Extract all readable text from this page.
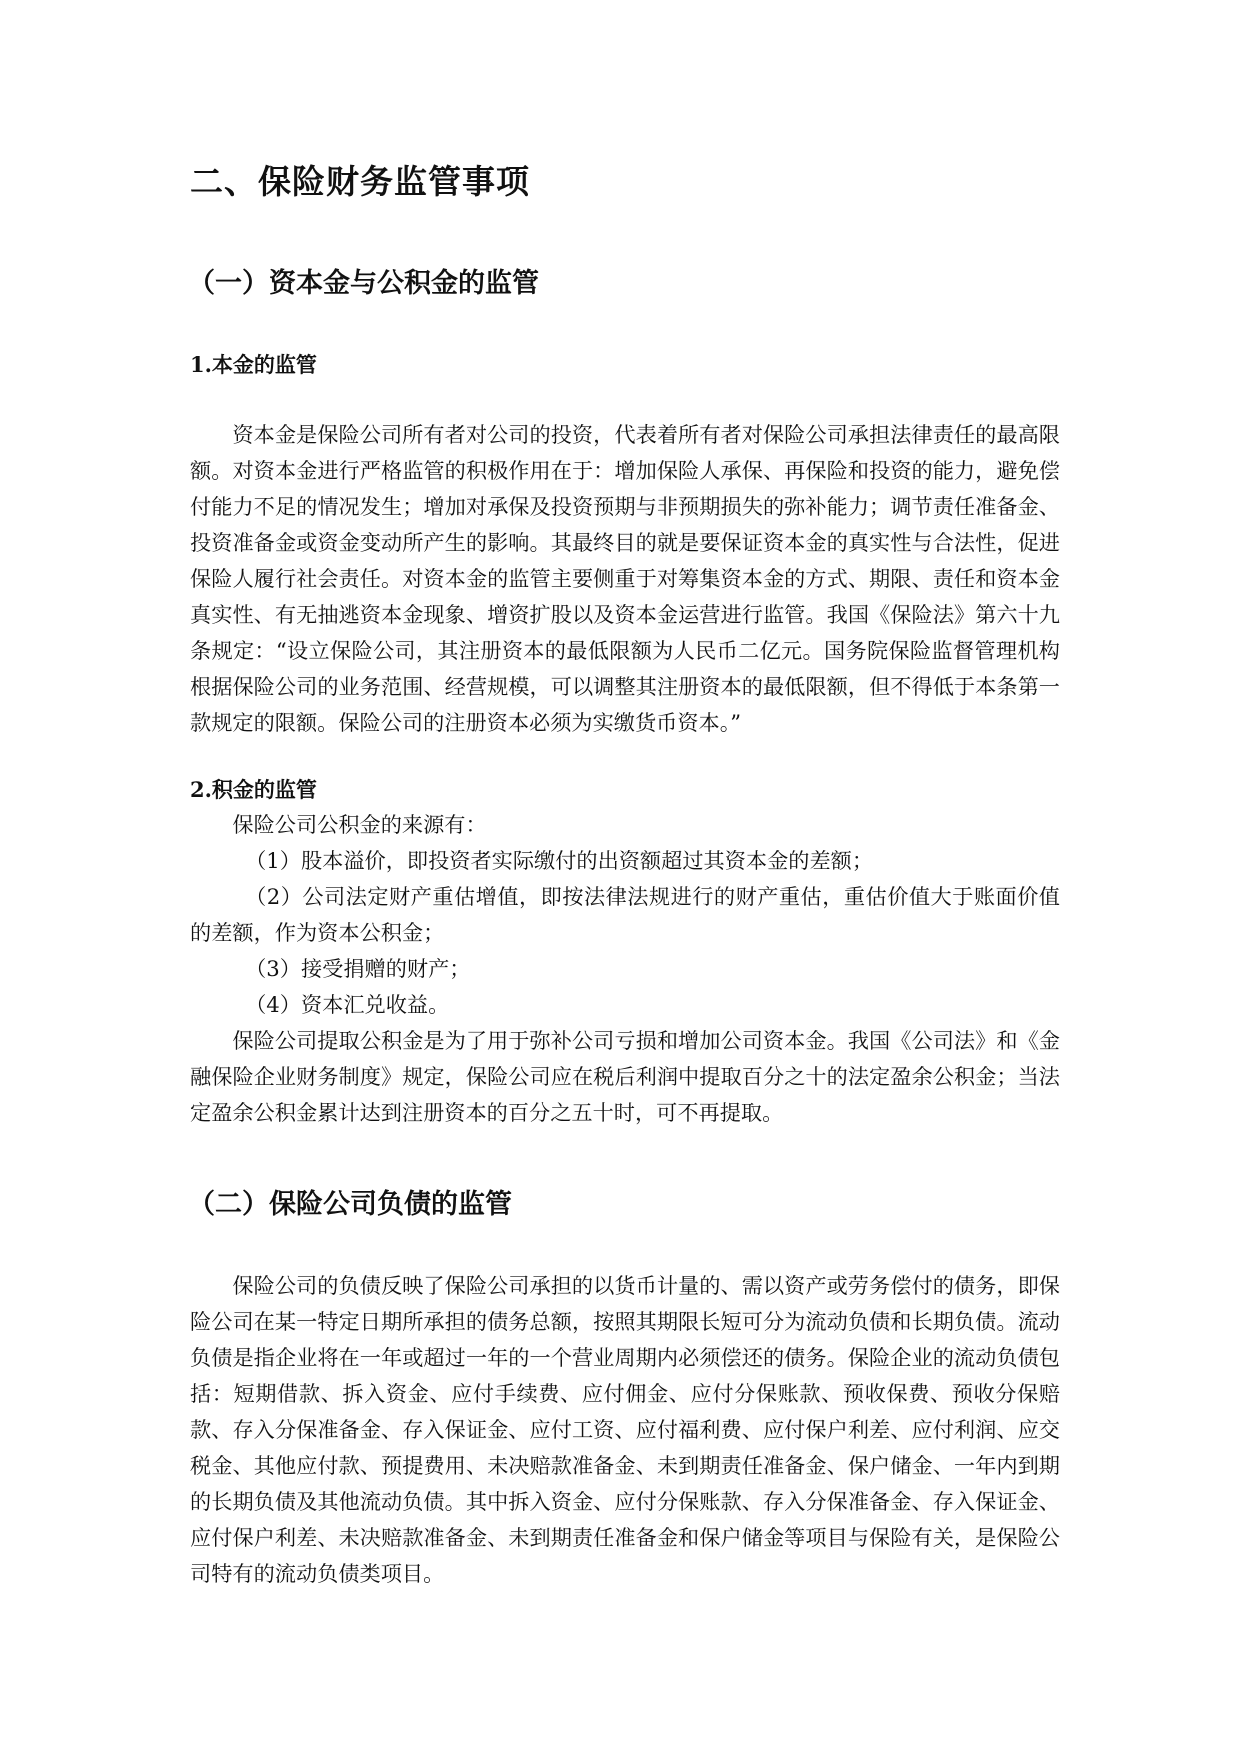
二、保险财务监管事项
（一）资本金与公积金的监管
1.本金的监管

资本金是保险公司所有者对公司的投资，代表着所有者对保险公司承担法律责任的最高限额。对资本金进行严格监管的积极作用在于：增加保险人承保、再保险和投资的能力，避免偿付能力不足的情况发生；增加对承保及投资预期与非预期损失的弥补能力；调节责任准备金、投资准备金或资金变动所产生的影响。其最终目的就是要保证资本金的真实性与合法性，促进保险人履行社会责任。对资本金的监管主要侧重于对筹集资本金的方式、期限、责任和资本金真实性、有无抽逃资本金现象、增资扩股以及资本金运营进行监管。我国《保险法》第六十九条规定：“设立保险公司，其注册资本的最低限额为人民币二亿元。国务院保险监督管理机构根据保险公司的业务范围、经营规模，可以调整其注册资本的最低限额，但不得低于本条第一款规定的限额。保险公司的注册资本必须为实缴货币资本。”

2.积金的监管

保险公司公积金的来源有：

（1）股本溢价，即投资者实际缴付的出资额超过其资本金的差额；

（2）公司法定财产重估增值，即按法律法规进行的财产重估，重估价值大于账面价值的差额，作为资本公积金；

（3）接受捐赠的财产；

（4）资本汇兑收益。

保险公司提取公积金是为了用于弥补公司亏损和增加公司资本金。我国《公司法》和《金融保险企业财务制度》规定，保险公司应在税后利润中提取百分之十的法定盈余公积金；当法定盈余公积金累计达到注册资本的百分之五十时，可不再提取。

（二）保险公司负债的监管

保险公司的负债反映了保险公司承担的以货币计量的、需以资产或劳务偿付的债务，即保险公司在某一特定日期所承担的债务总额，按照其期限长短可分为流动负债和长期负债。流动负债是指企业将在一年或超过一年的一个营业周期内必须偿还的债务。保险企业的流动负债包括：短期借款、拆入资金、应付手续费、应付佣金、应付分保账款、预收保费、预收分保赔款、存入分保准备金、存入保证金、应付工资、应付福利费、应付保户利差、应付利润、应交税金、其他应付款、预提费用、未决赔款准备金、未到期责任准备金、保户储金、一年内到期的长期负债及其他流动负债。其中拆入资金、应付分保账款、存入分保准备金、存入保证金、应付保户利差、未决赔款准备金、未到期责任准备金和保户储金等项目与保险有关，是保险公司特有的流动负债类项目。
